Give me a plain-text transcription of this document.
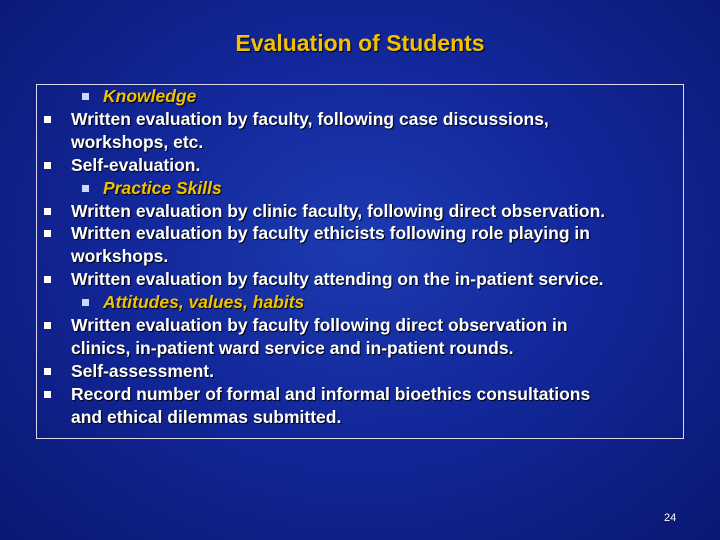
Evaluation of Students
Knowledge
Written evaluation by faculty, following case discussions,
workshops, etc.
Self-evaluation.
Practice Skills
Written evaluation by clinic faculty, following direct observation.
Written evaluation by faculty ethicists following role playing in
workshops.
Written evaluation by faculty attending on the in-patient service.
Attitudes, values, habits
Written evaluation by faculty following direct observation in
clinics, in-patient ward service and in-patient rounds.
Self-assessment.
Record number of formal and informal bioethics consultations
and ethical dilemmas submitted.
24
